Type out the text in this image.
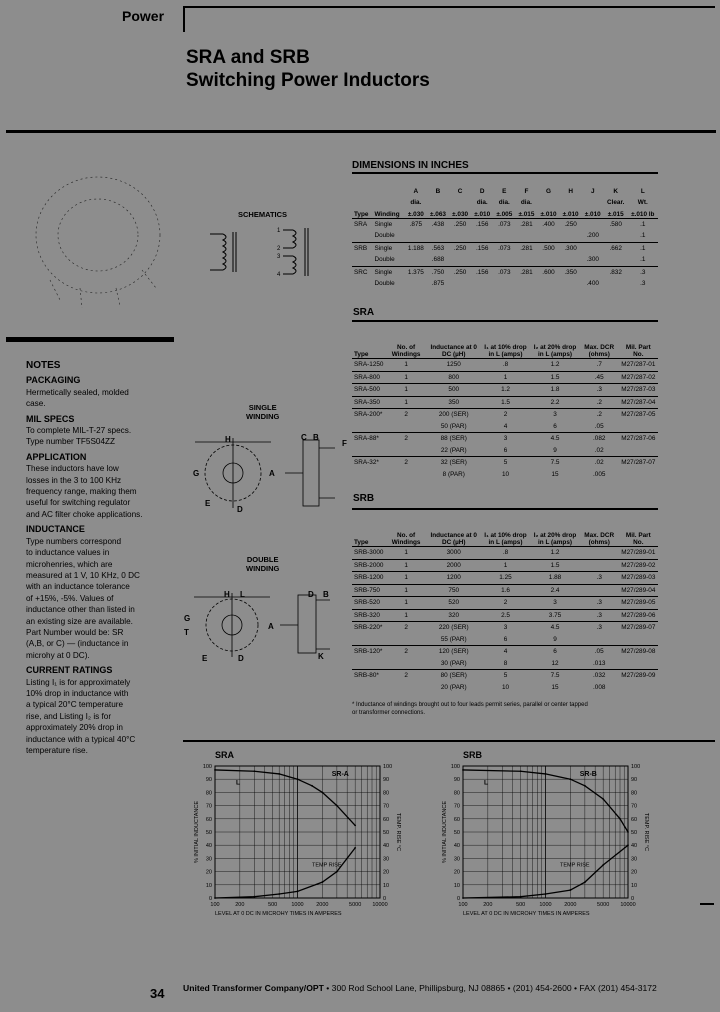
Power
SRA and SRB
Switching Power Inductors
NOTES
PACKAGING

Hermetically sealed, molded

case.

MIL SPECS

To complete MIL-T-27 specs.

Type number TF5S04ZZ

APPLICATION

These inductors have low

losses in the 3 to 100 KHz

frequency range, making them

useful for switching regulator

and AC filter choke applications.

INDUCTANCE

Type numbers correspond

to inductance values in

microhenries, which are

measured at 1 V, 10 KHz, 0 DC

with an inductance tolerance

of +15%, -5%. Values of

inductance other than listed in

an existing size are available.

Part Number would be: SR

(A,B, or C) — (inductance in

microhy at 0 DC).

CURRENT RATINGS

Listing I₁ is for approximately

10% drop in inductance with

a typical 20°C temperature

rise, and Listing I₂ is for

approximately 20% drop in

inductance with a typical 40°C

temperature rise.

SCHEMATICS
1
2
3
4
SINGLE
WINDING
H	C B
F
G	A
E
D
DOUBLE
WINDING
H L	D B
G
T
A
E	K
D
DIMENSIONS IN INCHES
		A	B	C	D	E	F	G	H	J	K	L
		dia.			dia.	dia.	dia.				Clear.	Wt.
Type	Winding	±.030	±.063	±.030	±.010	±.005	±.015	±.010	±.010	±.010	±.015	±.010 lb
SRA	Single	.875	.438	.250	.156	.073	.281	.400	.250		.580	.1
	Double									.200		.1
SRB	Single	1.188	.563	.250	.156	.073	.281	.500	.300		.662	.1
	Double		.688							.300		.1
SRC	Single	1.375	.750	.250	.156	.073	.281	.600	.350		.832	.3
	Double		.875							.400		.3
SRA
Type	No. of Windings	Inductance at 0 DC (µH)	I₁ at 10% drop in L (amps)	I₂ at 20% drop in L (amps)	Max. DCR (ohms)	Mil. Part No.
SRA-1250	1	1250	.8	1.2	.7	M27/287-01
SRA-800	1	800	1	1.5	.45	M27/287-02
SRA-500	1	500	1.2	1.8	.3	M27/287-03
SRA-350	1	350	1.5	2.2	.2	M27/287-04
SRA-200*	2	200 (SER)	2	3	.2	M27/287-05
		50 (PAR)	4	6	.05	
SRA-88*	2	88 (SER)	3	4.5	.082	M27/287-06
		22 (PAR)	6	9	.02	
SRA-32*	2	32 (SER)	5	7.5	.02	M27/287-07
		8 (PAR)	10	15	.005	
SRB
Type	No. of Windings	Inductance at 0 DC (µH)	I₁ at 10% drop in L (amps)	I₂ at 20% drop in L (amps)	Max. DCR (ohms)	Mil. Part No.
SRB-3000	1	3000	.8	1.2		M27/289-01
SRB-2000	1	2000	1	1.5		M27/289-02
SRB-1200	1	1200	1.25	1.88	.3	M27/289-03
SRB-750	1	750	1.6	2.4		M27/289-04
SRB-520	1	520	2	3	.3	M27/289-05
SRB-320	1	320	2.5	3.75	.3	M27/289-06
SRB-220*	2	220 (SER)	3	4.5	.3	M27/289-07
		55 (PAR)	6	9		
SRB-120*	2	120 (SER)	4	6	.05	M27/289-08
		30 (PAR)	8	12	.013	
SRB-80*	2	80 (SER)	5	7.5	.032	M27/289-09
		20 (PAR)	10	15	.008	
* Inductance of windings brought out to four leads permit series, parallel or center tapped
or transformer connections.
SRA
100
90
80
70
60
50
40
30
20
10
0
100
90
80
70
60
50
40
30
20
10
0
100	200	500	1000 2000	5000 10000
LEVEL AT 0 DC IN MICROHY TIMES IN AMPERES
% INITIAL INDUCTANCE	TEMP. RISE °C
SR-A
L
TEMP RISE
SRB
100
90
80
70
60
50
40
30
20
10
0
100
90
80
70
60
50
40
30
20
10
0
100	200	500	1000 2000	5000 10000
LEVEL AT 0 DC IN MICROHY TIMES IN AMPERES
% INITIAL INDUCTANCE	TEMP. RISE °C
SR-B
L
TEMP RISE
34 United Transformer Company/OPT • 300 Rod School Lane, Phillipsburg, NJ 08865 • (201) 454-2600 • FAX (201) 454-3172
